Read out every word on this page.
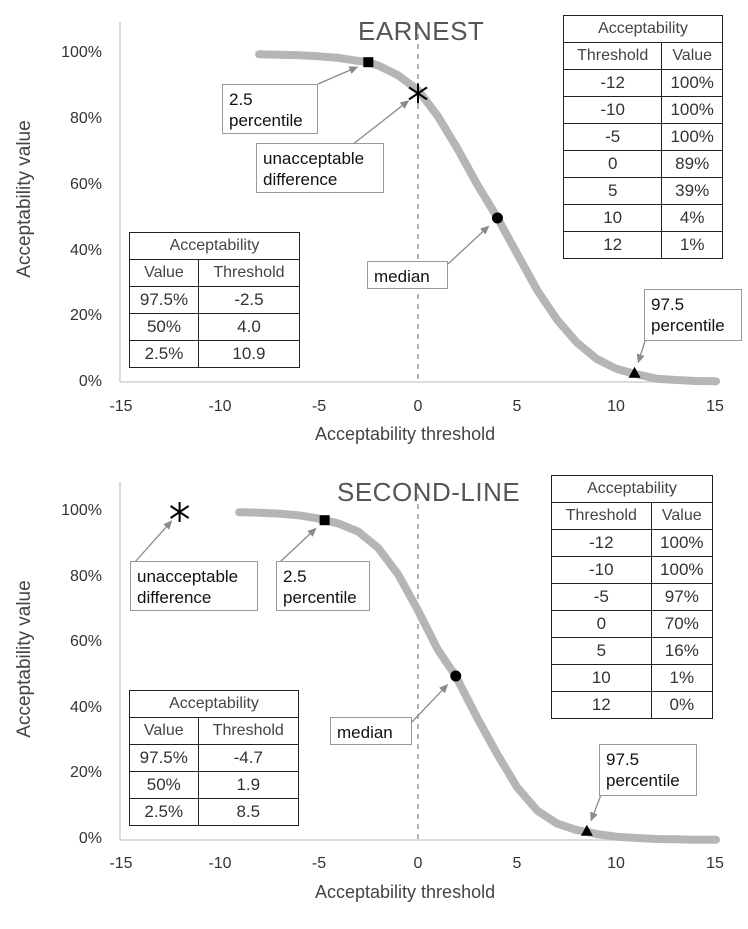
EARNEST
Acceptability value
Acceptability threshold
0%
20%
40%
60%
80%
100%
-15	-10	-5	0	5	10	15
2.5
percentile
unacceptable
difference
median
97.5
percentile
Acceptability	
Threshold	Value
-12	100%
-10	100%
-5	100%
0	89%
5	39%
10	4%
12	1%
Acceptability	
Value	Threshold
97.5%	-2.5
50%	4.0
2.5%	10.9
SECOND-LINE
Acceptability value
Acceptability threshold
0%
20%
40%
60%
80%
100%
-15	-10	-5	0	5	10	15
2.5
percentile
unacceptable
difference
median
97.5
percentile
Acceptability	
Threshold	Value
-12	100%
-10	100%
-5	97%
0	70%
5	16%
10	1%
12	0%
Acceptability	
Value	Threshold
97.5%	-4.7
50%	1.9
2.5%	8.5
